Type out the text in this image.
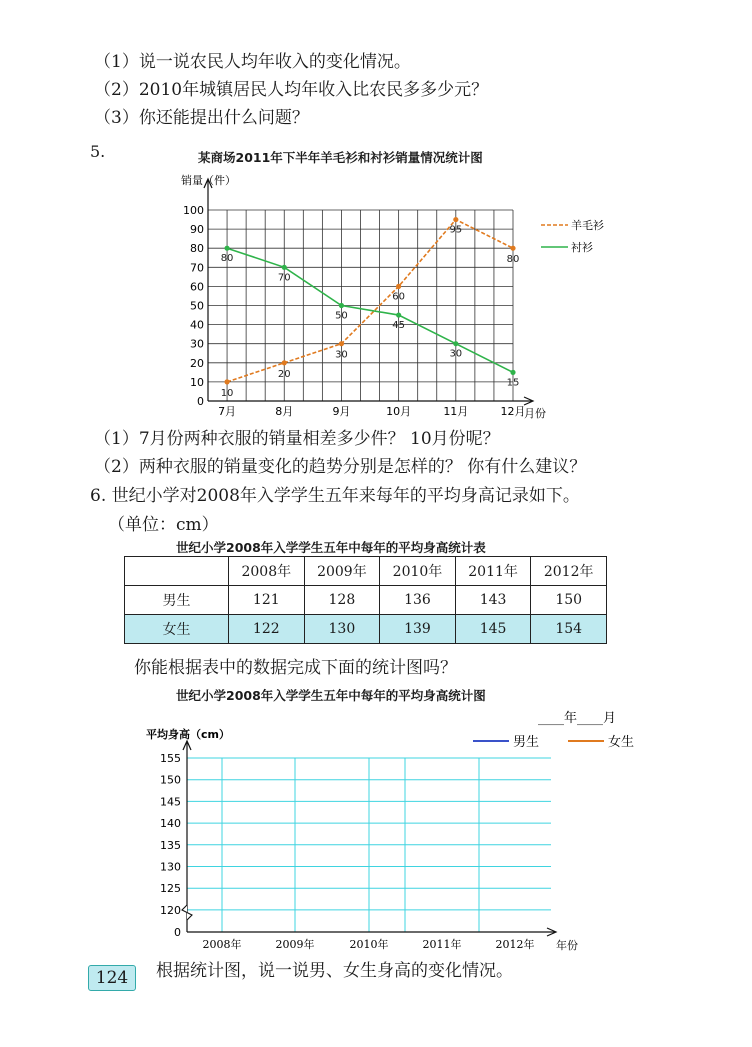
（1）说一说农民人均年收入的变化情况。
（2）2010年城镇居民人均年收入比农民多多少元？
（3）你还能提出什么问题？
5.	某商场2011年下半年羊毛衫和衬衫销量情况统计图
0
10
20
30
40
50
60
70
80
90
100
销量（件）
7月	8月	9月	10月	11月	12月
月份
10
20
30
60
95
80
80
70
50
45
30
15
羊毛衫
衬衫
（1）7月份两种衣服的销量相差多少件？ 10月份呢？
（2）两种衣服的销量变化的趋势分别是怎样的？ 你有什么建议？
6. 世纪小学对2008年入学学生五年来每年的平均身高记录如下。
（单位：cm）
世纪小学2008年入学学生五年中每年的平均身高统计表
	2008年	2009年	2010年	2011年	2012年
男生	121	128	136	143	150
女生	122	130	139	145	154
你能根据表中的数据完成下面的统计图吗？
世纪小学2008年入学学生五年中每年的平均身高统计图
0
120
125
130
135
140
145
150
155
平均身高（cm）
2008年	2009年	2010年	2011年	2012年 年份
____年____月
男生	女生
124	根据统计图，说一说男、女生身高的变化情况。
